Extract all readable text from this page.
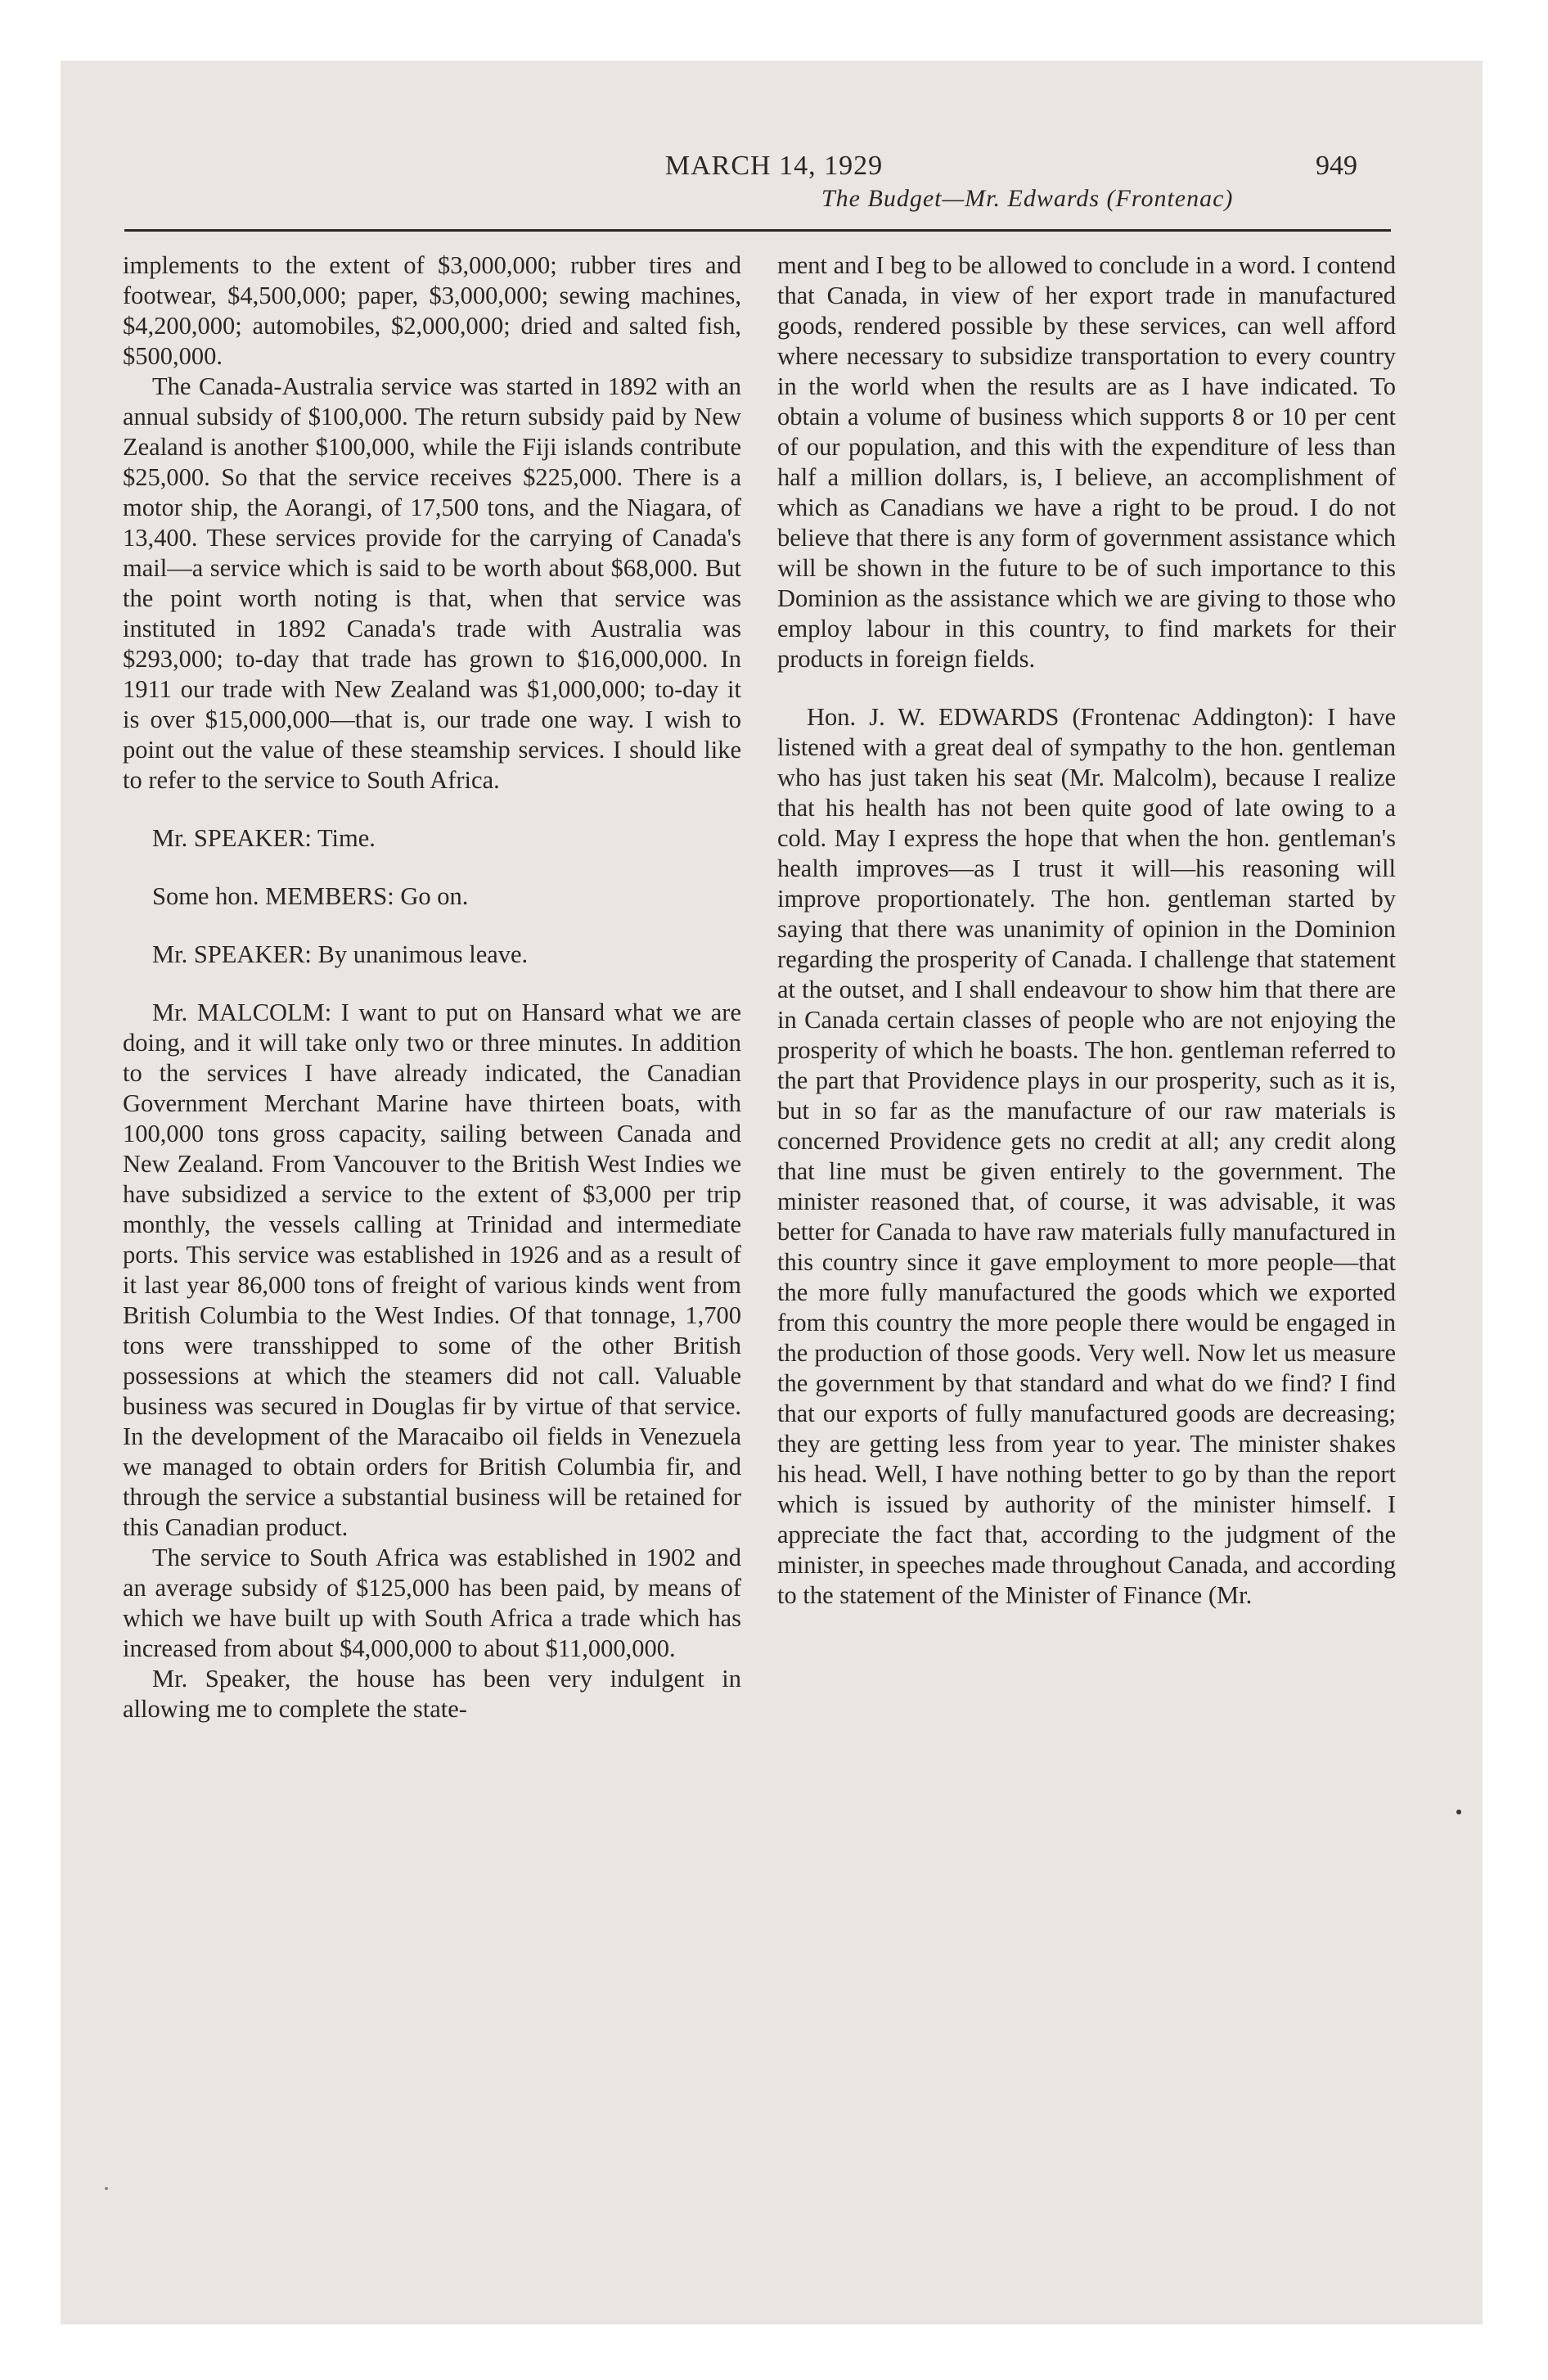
MARCH 14, 1929	949
The Budget—Mr. Edwards (Frontenac)

implements to the extent of $3,000,000; rubber tires and footwear, $4,500,000; paper, $3,000,000; sewing machines, $4,200,000; automobiles, $2,000,000; dried and salted fish, $500,000.

The Canada-Australia service was started in 1892 with an annual subsidy of $100,000. The return subsidy paid by New Zealand is another $100,000, while the Fiji islands contribute $25,000. So that the service receives $225,000. There is a motor ship, the Aorangi, of 17,500 tons, and the Niagara, of 13,400. These services provide for the carrying of Canada's mail—a service which is said to be worth about $68,000. But the point worth noting is that, when that service was instituted in 1892 Canada's trade with Australia was $293,000; to-day that trade has grown to $16,000,000. In 1911 our trade with New Zealand was $1,000,000; to-day it is over $15,000,000—that is, our trade one way. I wish to point out the value of these steamship services. I should like to refer to the service to South Africa.

Mr. SPEAKER: Time.

Some hon. MEMBERS: Go on.

Mr. SPEAKER: By unanimous leave.

Mr. MALCOLM: I want to put on Hansard what we are doing, and it will take only two or three minutes. In addition to the services I have already indicated, the Canadian Government Merchant Marine have thirteen boats, with 100,000 tons gross capacity, sailing between Canada and New Zealand. From Vancouver to the British West Indies we have subsidized a service to the extent of $3,000 per trip monthly, the vessels calling at Trinidad and intermediate ports. This service was established in 1926 and as a result of it last year 86,000 tons of freight of various kinds went from British Columbia to the West Indies. Of that tonnage, 1,700 tons were transshipped to some of the other British possessions at which the steamers did not call. Valuable business was secured in Douglas fir by virtue of that service. In the development of the Maracaibo oil fields in Venezuela we managed to obtain orders for British Columbia fir, and through the service a substantial business will be retained for this Canadian product.

The service to South Africa was established in 1902 and an average subsidy of $125,000 has been paid, by means of which we have built up with South Africa a trade which has increased from about $4,000,000 to about $11,000,000.

Mr. Speaker, the house has been very indulgent in allowing me to complete the state-

ment and I beg to be allowed to conclude in a word. I contend that Canada, in view of her export trade in manufactured goods, rendered possible by these services, can well afford where necessary to subsidize transportation to every country in the world when the results are as I have indicated. To obtain a volume of business which supports 8 or 10 per cent of our population, and this with the expenditure of less than half a million dollars, is, I believe, an accomplishment of which as Canadians we have a right to be proud. I do not believe that there is any form of government assistance which will be shown in the future to be of such importance to this Dominion as the assistance which we are giving to those who employ labour in this country, to find markets for their products in foreign fields.

Hon. J. W. EDWARDS (Frontenac Addington): I have listened with a great deal of sympathy to the hon. gentleman who has just taken his seat (Mr. Malcolm), because I realize that his health has not been quite good of late owing to a cold. May I express the hope that when the hon. gentleman's health improves—as I trust it will—his reasoning will improve proportionately. The hon. gentleman started by saying that there was unanimity of opinion in the Dominion regarding the prosperity of Canada. I challenge that statement at the outset, and I shall endeavour to show him that there are in Canada certain classes of people who are not enjoying the prosperity of which he boasts. The hon. gentleman referred to the part that Providence plays in our prosperity, such as it is, but in so far as the manufacture of our raw materials is concerned Providence gets no credit at all; any credit along that line must be given entirely to the government. The minister reasoned that, of course, it was advisable, it was better for Canada to have raw materials fully manufactured in this country since it gave employment to more people—that the more fully manufactured the goods which we exported from this country the more people there would be engaged in the production of those goods. Very well. Now let us measure the government by that standard and what do we find? I find that our exports of fully manufactured goods are decreasing; they are getting less from year to year. The minister shakes his head. Well, I have nothing better to go by than the report which is issued by authority of the minister himself. I appreciate the fact that, according to the judgment of the minister, in speeches made throughout Canada, and according to the statement of the Minister of Finance (Mr.
